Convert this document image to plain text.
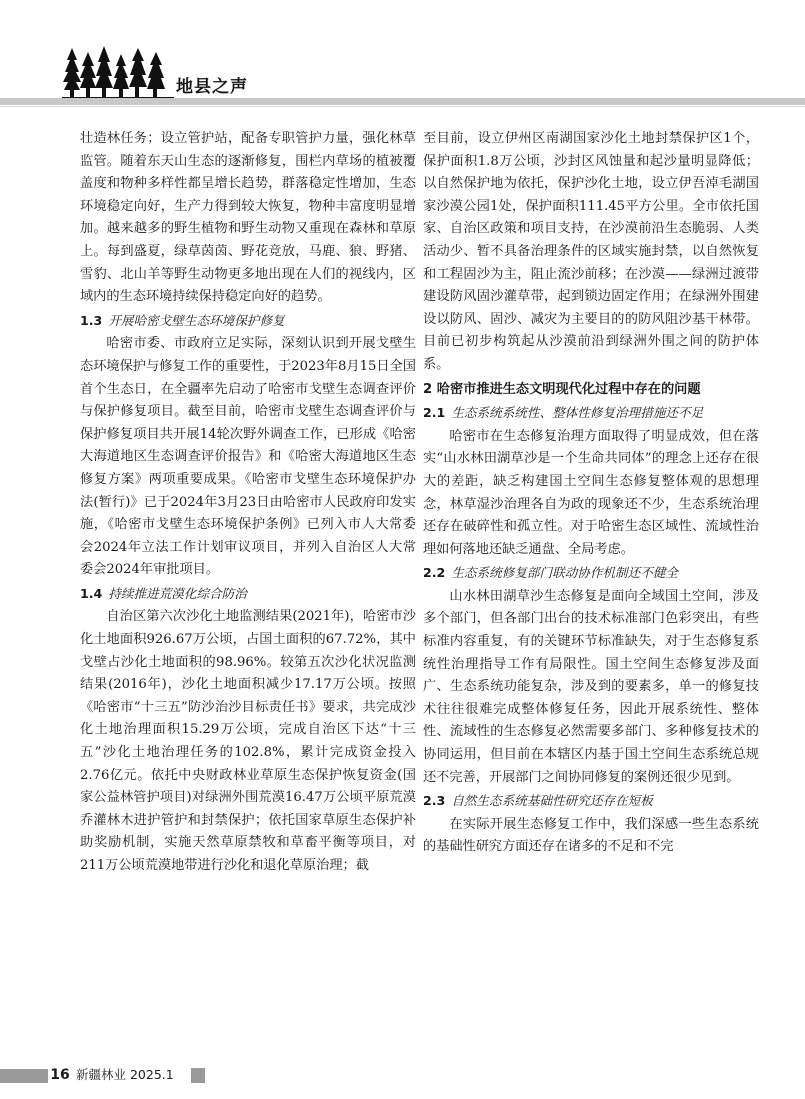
地县之声

壮造林任务；设立管护站，配备专职管护力量，强化林草监管。随着东天山生态的逐渐修复，围栏内草场的植被覆盖度和物种多样性都呈增长趋势，群落稳定性增加，生态环境稳定向好，生产力得到较大恢复，物种丰富度明显增加。越来越多的野生植物和野生动物又重现在森林和草原上。每到盛夏，绿草茵茵、野花竞放，马鹿、狼、野猪、雪豹、北山羊等野生动物更多地出现在人们的视线内，区域内的生态环境持续保持稳定向好的趋势。

1.3 开展哈密戈壁生态环境保护修复

哈密市委、市政府立足实际，深刻认识到开展戈壁生态环境保护与修复工作的重要性，于2023年8月15日全国首个生态日，在全疆率先启动了哈密市戈壁生态调查评价与保护修复项目。截至目前，哈密市戈壁生态调查评价与保护修复项目共开展14轮次野外调查工作，已形成《哈密大海道地区生态调查评价报告》和《哈密大海道地区生态修复方案》两项重要成果。《哈密市戈壁生态环境保护办法(暂行)》已于2024年3月23日由哈密市人民政府印发实施，《哈密市戈壁生态环境保护条例》已列入市人大常委会2024年立法工作计划审议项目，并列入自治区人大常委会2024年审批项目。

1.4 持续推进荒漠化综合防治

自治区第六次沙化土地监测结果(2021年)，哈密市沙化土地面积926.67万公顷，占国土面积的67.72%，其中戈壁占沙化土地面积的98.96%。较第五次沙化状况监测结果(2016年)，沙化土地面积减少17.17万公顷。按照《哈密市“十三五”防沙治沙目标责任书》要求，共完成沙化土地治理面积15.29万公顷，完成自治区下达“十三五”沙化土地治理任务的102.8%，累计完成资金投入2.76亿元。依托中央财政林业草原生态保护恢复资金(国家公益林管护项目)对绿洲外围荒漠16.47万公顷平原荒漠乔灌林木进护管护和封禁保护；依托国家草原生态保护补助奖励机制，实施天然草原禁牧和草畜平衡等项目，对211万公顷荒漠地带进行沙化和退化草原治理；截

至目前，设立伊州区南湖国家沙化土地封禁保护区1个，保护面积1.8万公顷，沙封区风蚀量和起沙量明显降低；以自然保护地为依托，保护沙化土地，设立伊吾淖毛湖国家沙漠公园1处，保护面积111.45平方公里。全市依托国家、自治区政策和项目支持，在沙漠前沿生态脆弱、人类活动少、暂不具备治理条件的区域实施封禁，以自然恢复和工程固沙为主，阻止流沙前移；在沙漠——绿洲过渡带建设防风固沙灌草带，起到锁边固定作用；在绿洲外围建设以防风、固沙、减灾为主要目的的防风阻沙基干林带。目前已初步构筑起从沙漠前沿到绿洲外围之间的防护体系。

2 哈密市推进生态文明现代化过程中存在的问题
2.1 生态系统系统性、整体性修复治理措施还不足

哈密市在生态修复治理方面取得了明显成效，但在落实“山水林田湖草沙是一个生命共同体”的理念上还存在很大的差距，缺乏构建国土空间生态修复整体观的思想理念，林草湿沙治理各自为政的现象还不少，生态系统治理还存在破碎性和孤立性。对于哈密生态区域性、流域性治理如何落地还缺乏通盘、全局考虑。

2.2 生态系统修复部门联动协作机制还不健全

山水林田湖草沙生态修复是面向全域国土空间，涉及多个部门，但各部门出台的技术标准部门色彩突出，有些标准内容重复，有的关键环节标准缺失，对于生态修复系统性治理指导工作有局限性。国土空间生态修复涉及面广、生态系统功能复杂，涉及到的要素多，单一的修复技术往往很难完成整体修复任务，因此开展系统性、整体性、流域性的生态修复必然需要多部门、多种修复技术的协同运用，但目前在本辖区内基于国土空间生态系统总规还不完善，开展部门之间协同修复的案例还很少见到。

2.3 自然生态系统基础性研究还存在短板

在实际开展生态修复工作中，我们深感一些生态系统的基础性研究方面还存在诸多的不足和不完

16 新疆林业 2025.1
